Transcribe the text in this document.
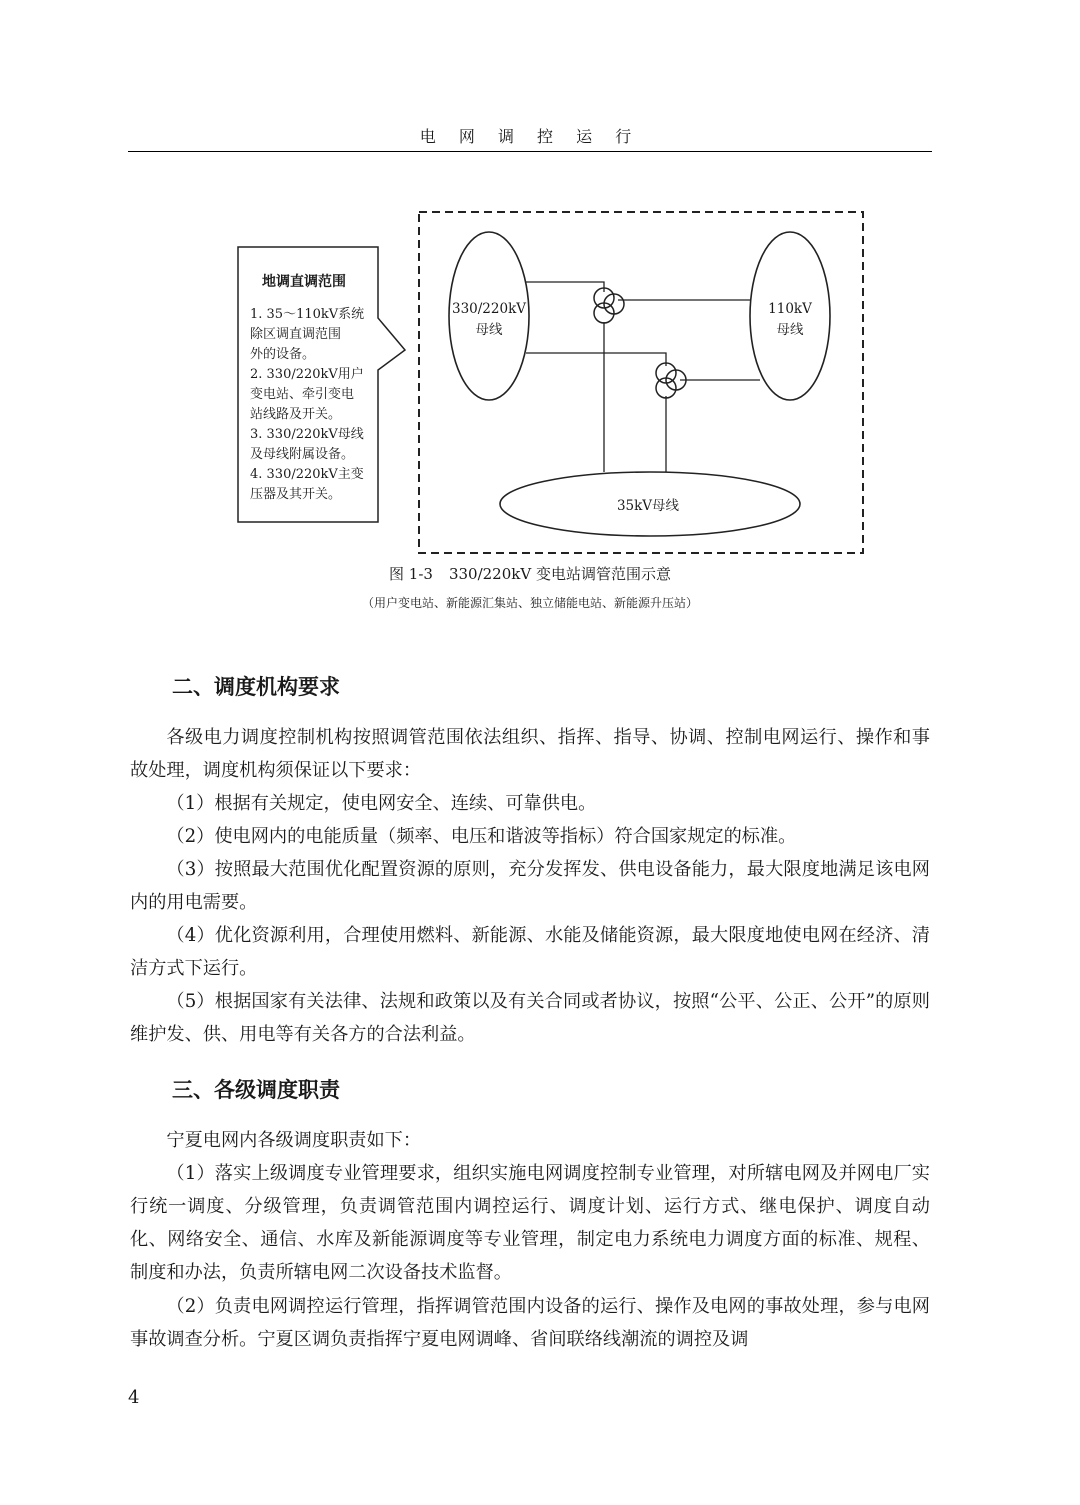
电 网 调 控 运 行
地调直调范围
1. 35～110kV系统
除区调直调范围
外的设备。
2. 330/220kV用户
变电站、牵引变电
站线路及开关。
3. 330/220kV母线
及母线附属设备。
4. 330/220kV主变
压器及其开关。
330/220kV
母线
110kV
母线
35kV母线
图 1-3 330/220kV 变电站调管范围示意
（用户变电站、新能源汇集站、独立储能电站、新能源升压站）
二、调度机构要求

各级电力调度控制机构按照调管范围依法组织、指挥、指导、协调、控制电网运行、操作和事故处理，调度机构须保证以下要求：

（1）根据有关规定，使电网安全、连续、可靠供电。

（2）使电网内的电能质量（频率、电压和谐波等指标）符合国家规定的标准。

（3）按照最大范围优化配置资源的原则，充分发挥发、供电设备能力，最大限度地满足该电网内的用电需要。

（4）优化资源利用，合理使用燃料、新能源、水能及储能资源，最大限度地使电网在经济、清洁方式下运行。

（5）根据国家有关法律、法规和政策以及有关合同或者协议，按照“公平、公正、公开”的原则维护发、供、用电等有关各方的合法利益。

三、各级调度职责

宁夏电网内各级调度职责如下：

（1）落实上级调度专业管理要求，组织实施电网调度控制专业管理，对所辖电网及并网电厂实行统一调度、分级管理，负责调管范围内调控运行、调度计划、运行方式、继电保护、调度自动化、网络安全、通信、水库及新能源调度等专业管理，制定电力系统电力调度方面的标准、规程、制度和办法，负责所辖电网二次设备技术监督。

（2）负责电网调控运行管理，指挥调管范围内设备的运行、操作及电网的事故处理，参与电网事故调查分析。宁夏区调负责指挥宁夏电网调峰、省间联络线潮流的调控及调

4
